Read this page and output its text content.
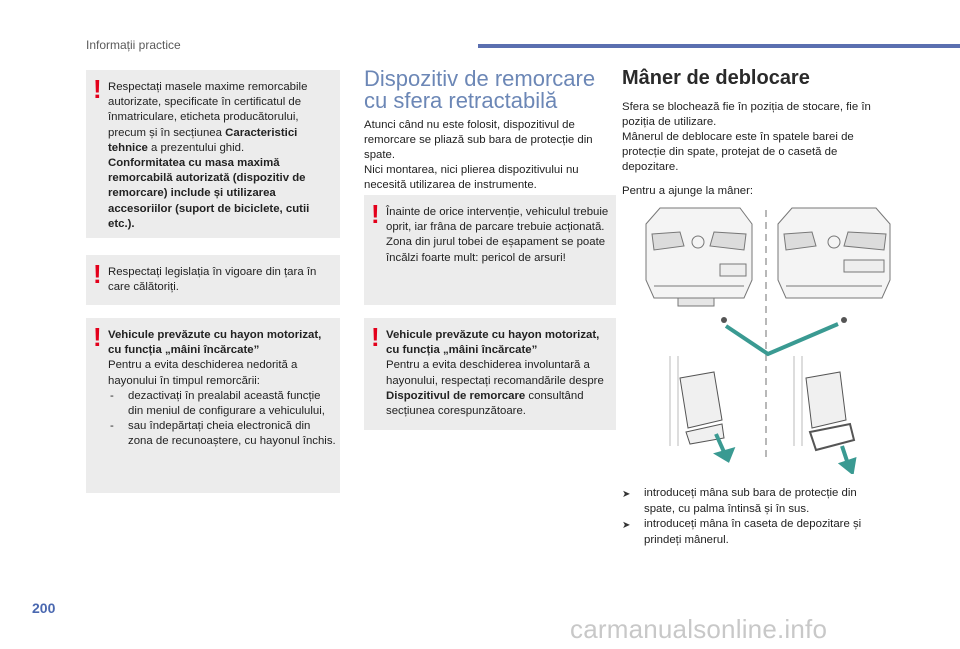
Informații practice
! Respectați masele maxime remorcabile autorizate, specificate în certificatul de înmatriculare, eticheta producătorului, precum și în secțiunea Caracteristici tehnice a prezentului ghid.

Conformitatea cu masa maximă remorcabilă autorizată (dispozitiv de remorcare) include și utilizarea accesoriilor (suport de biciclete, cutii etc.).

! Respectați legislația în vigoare din țara în care călătoriți.

! Vehicule prevăzute cu hayon motorizat, cu funcția „mâini încărcate”

Pentru a evita deschiderea nedorită a hayonului în timpul remorcării:

- dezactivați în prealabil această funcție din meniul de configurare a vehiculului,
- sau îndepărtați cheia electronică din zona de recunoaștere, cu hayonul închis.
Dispozitiv de remorcare cu sfera retractabilă

Atunci când nu este folosit, dispozitivul de remorcare se pliază sub bara de protecție din spate.

Nici montarea, nici plierea dispozitivului nu necesită utilizarea de instrumente.

! Înainte de orice intervenție, vehiculul trebuie oprit, iar frâna de parcare trebuie acționată.

Zona din jurul tobei de eșapament se poate încălzi foarte mult: pericol de arsuri!

! Vehicule prevăzute cu hayon motorizat, cu funcția „mâini încărcate”

Pentru a evita deschiderea involuntară a hayonului, respectați recomandările despre Dispozitivul de remorcare consultând secțiunea corespunzătoare.

Mâner de deblocare

Sfera se blochează fie în poziția de stocare, fie în poziția de utilizare.

Mânerul de deblocare este în spatele barei de protecție din spate, protejat de o casetă de depozitare.

Pentru a ajunge la mâner:

➤ introduceți mâna sub bara de protecție din spate, cu palma întinsă și în sus.
➤ introduceți mâna în caseta de depozitare și prindeți mânerul.
200
carmanualsonline.info
